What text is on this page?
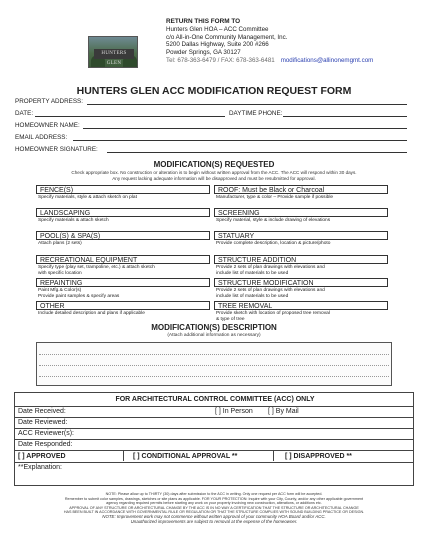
HUNTERS GLEN
RETURN THIS FORM TO
Hunters Glen HOA – ACC Committee
c/o All-in-One Community Management, Inc.
5200 Dallas Highway, Suite 200 #266
Powder Springs, GA 30127
Tel: 678-363-6479 / FAX: 678-363-6481 modifications@allinonemgmt.com
HUNTERS GLEN ACC MODIFICATION REQUEST FORM
PROPERTY ADDRESS:
DATE:	DAYTIME PHONE:
HOMEOWNER NAME:
EMAIL ADDRESS:
HOMEOWNER SIGNATURE:
MODIFICATION(S) REQUESTED
Check appropriate box. No construction or alteration is to begin without written approval from the ACC. The ACC will respond within 30 days.
Any request lacking adequate information will be disapproved and must be resubmitted for approval.
MODIFICATION(S) DESCRIPTION
(Attach additional information as necessary)
FOR ARCHITECTURAL CONTROL COMMITTEE (ACC) ONLY
Date Received:	[ ] In Person [ ] By Mail
Date Reviewed:
ACC Reviewer(s):
Date Responded:
[ ] APPROVED	[ ] CONDITIONAL APPROVAL **	[ ] DISAPPROVED **
**Explanation:
NOTE: Please allow up to THIRTY (30) days after submission to the ACC in writing. Only one request per ACC form will be accepted.
Remember to submit color samples, drawings, sketches or site plans as applicable. FOR YOUR PROTECTION: Inquire with your City, County, and/or any other applicable government
agency regarding required permits before starting any work on your property involving new construction, alterations, or additions etc.
APPROVAL OF ANY STRUCTURE OR ARCHITECTURAL CHANGE BY THE ACC IS IN NO WAY A CERTIFICATION THAT THE STRUCTURE OR ARCHITECTURAL CHANGE
HAS BEEN BUILT IN ACCORDANCE WITH GOVERNMENTAL RULE OR REGULATION OR THAT THE STRUCTURE COMPLIES WITH SOUND BUILDING PRACTICE OR DESIGN.
NOTE: Improvement work may not commence without written approval of your community HOA Board and/or ACC.
Unauthorized improvements are subject to removal at the expense of the homeowner.
FENCE(S)
Specify materials, style & attach sketch on plat
ROOF: Must be Black or Charcoal
Manufacturer, type & color – Provide sample if possible
LANDSCAPING
Specify materials & attach sketch
SCREENING
Specify material, style & include drawing of elevations
POOL(S) & SPA(S)
Attach plans (2 sets)
STATUARY
Provide complete description, location & picture/photo
RECREATIONAL EQUIPMENT
Specify type (play set, trampoline, etc.) & attach sketch
with specific location
STRUCTURE ADDITION
Provide 2 sets of plan drawings with elevations and
include list of materials to be used
REPAINTING
Paint Mfg.& Color(s)
Provide paint samples & specify areas
STRUCTURE MODIFICATION
Provide 2 sets of plan drawings with elevations and
include list of materials to be used
OTHER
Include detailed description and plans if applicable
TREE REMOVAL
Provide sketch with location of proposed tree removal
& type of tree
